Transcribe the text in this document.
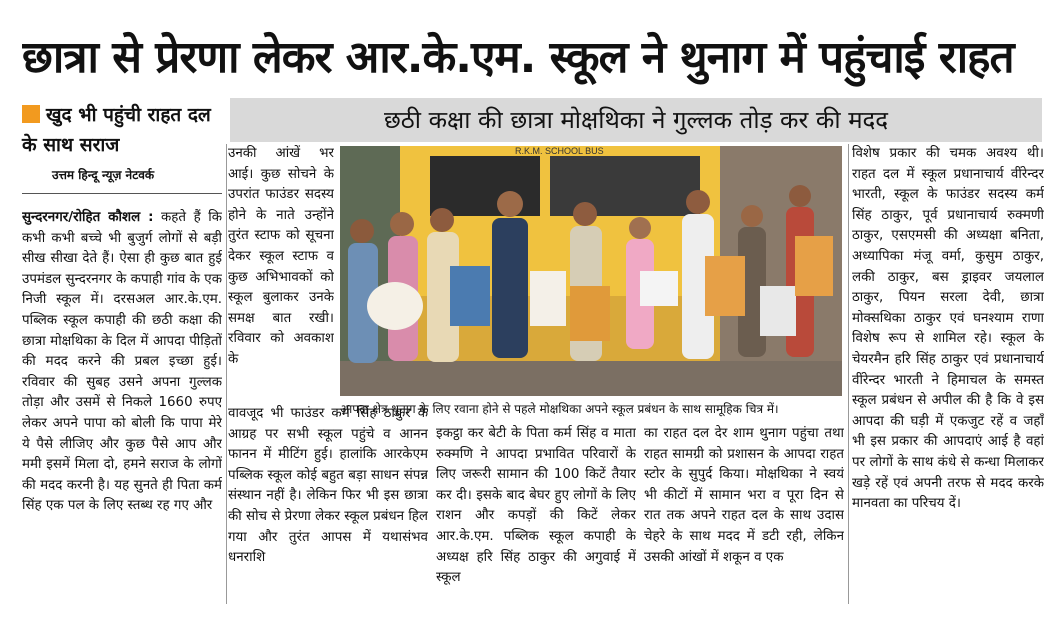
छात्रा से प्रेरणा लेकर आर.के.एम. स्कूल ने थुनाग में पहुंचाई राहत
छठी कक्षा की छात्रा मोक्षथिका ने गुल्लक तोड़ कर की मदद
खुद भी पहुंची राहत दल के साथ सराज
उत्तम हिन्दू न्यूज़ नेटवर्क

सुन्दरनगर/रोहित कौशल : कहते हैं कि कभी कभी बच्चे भी बुजुर्ग लोगों से बड़ी सीख सीखा देते हैं। ऐसा ही कुछ बात हुई उपमंडल सुन्दरनगर के कपाही गांव के एक निजी स्कूल में। दरसअल आर.के.एम. पब्लिक स्कूल कपाही की छठी कक्षा की छात्रा मोक्षथिका के दिल में आपदा पीड़ितों की मदद करने की प्रबल इच्छा हुई। रविवार की सुबह उसने अपना गुल्लक तोड़ा और उसमें से निकले 1660 रुपए लेकर अपने पापा को बोली कि पापा मेरे ये पैसे लीजिए और कुछ पैसे आप और ममी इसमें मिला दो, हमने सराज के लोगों की मदद करनी है। यह सुनते ही पिता कर्म सिंह एक पल के लिए स्तब्ध रह गए और

उनकी आंखें भर आई। कुछ सोचने के उपरांत फाउंडर सदस्य होने के नाते उन्होंने तुरंत स्टाफ को सूचना देकर स्कूल स्टाफ व कुछ अभिभावकों को स्कूल बुलाकर उनके समक्ष बात रखी। रविवार को अवकाश के

वावजूद भी फाउंडर कर्म सिंह ठाकुर के आग्रह पर सभी स्कूल पहुंचे व आनन फानन में मीटिंग हुई। हालांकि आरकेएम पब्लिक स्कूल कोई बहुत बड़ा साधन संपन्न संस्थान नहीं है। लेकिन फिर भी इस छात्रा की सोच से प्रेरणा लेकर स्कूल प्रबंधन हिल गया और तुरंत आपस में यथासंभव धनराशि

इकट्ठा कर बेटी के पिता कर्म सिंह व माता रुक्मणि ने आपदा प्रभावित परिवारों के लिए जरूरी सामान की 100 किटें तैयार कर दी। इसके बाद बेघर हुए लोगों के लिए राशन और कपड़ों की किटें लेकर आर.के.एम. पब्लिक स्कूल कपाही के अध्यक्ष हरि सिंह ठाकुर की अगुवाई में स्कूल

का राहत दल देर शाम थुनाग पहुंचा तथा राहत सामग्री को प्रशासन के आपदा राहत स्टोर के सुपुर्द किया। मोक्षथिका ने स्वयं भी कीटों में सामान भरा व पूरा दिन से रात तक अपने राहत दल के साथ उदास चेहरे के साथ मदद में डटी रही, लेकिन उसकी आंखों में शकून व एक

विशेष प्रकार की चमक अवश्य थी। राहत दल में स्कूल प्रधानाचार्य वींरेन्दर भारती, स्कूल के फाउंडर सदस्य कर्म सिंह ठाकुर, पूर्व प्रधानाचार्य रुक्मणी ठाकुर, एसएमसी की अध्यक्षा बनिता, अध्यापिका मंजू वर्मा, कुसुम ठाकुर, लकी ठाकुर, बस ड्राइवर जयलाल ठाकुर, पियन सरला देवी, छात्रा मोक्सथिका ठाकुर एवं घनश्याम राणा विशेष रूप से शामिल रहे। स्कूल के चेयरमैन हरि सिंह ठाकुर एवं प्रधानाचार्य वींरेन्दर भारती ने हिमाचल के समस्त स्कूल प्रबंधन से अपील की है कि वे इस आपदा की घड़ी में एकजुट रहें व जहाँ भी इस प्रकार की आपदाएं आई है वहां पर लोगों के साथ कंधे से कन्धा मिलाकर खड़े रहें एवं अपनी तरफ से मदद करके मानवता का परिचय दें।

R.K.M. SCHOOL BUS
आपदा क्षेत्र थुनाग के लिए रवाना होने से पहले मोक्षथिका अपने स्कूल प्रबंधन के साथ सामूहिक चित्र में।
